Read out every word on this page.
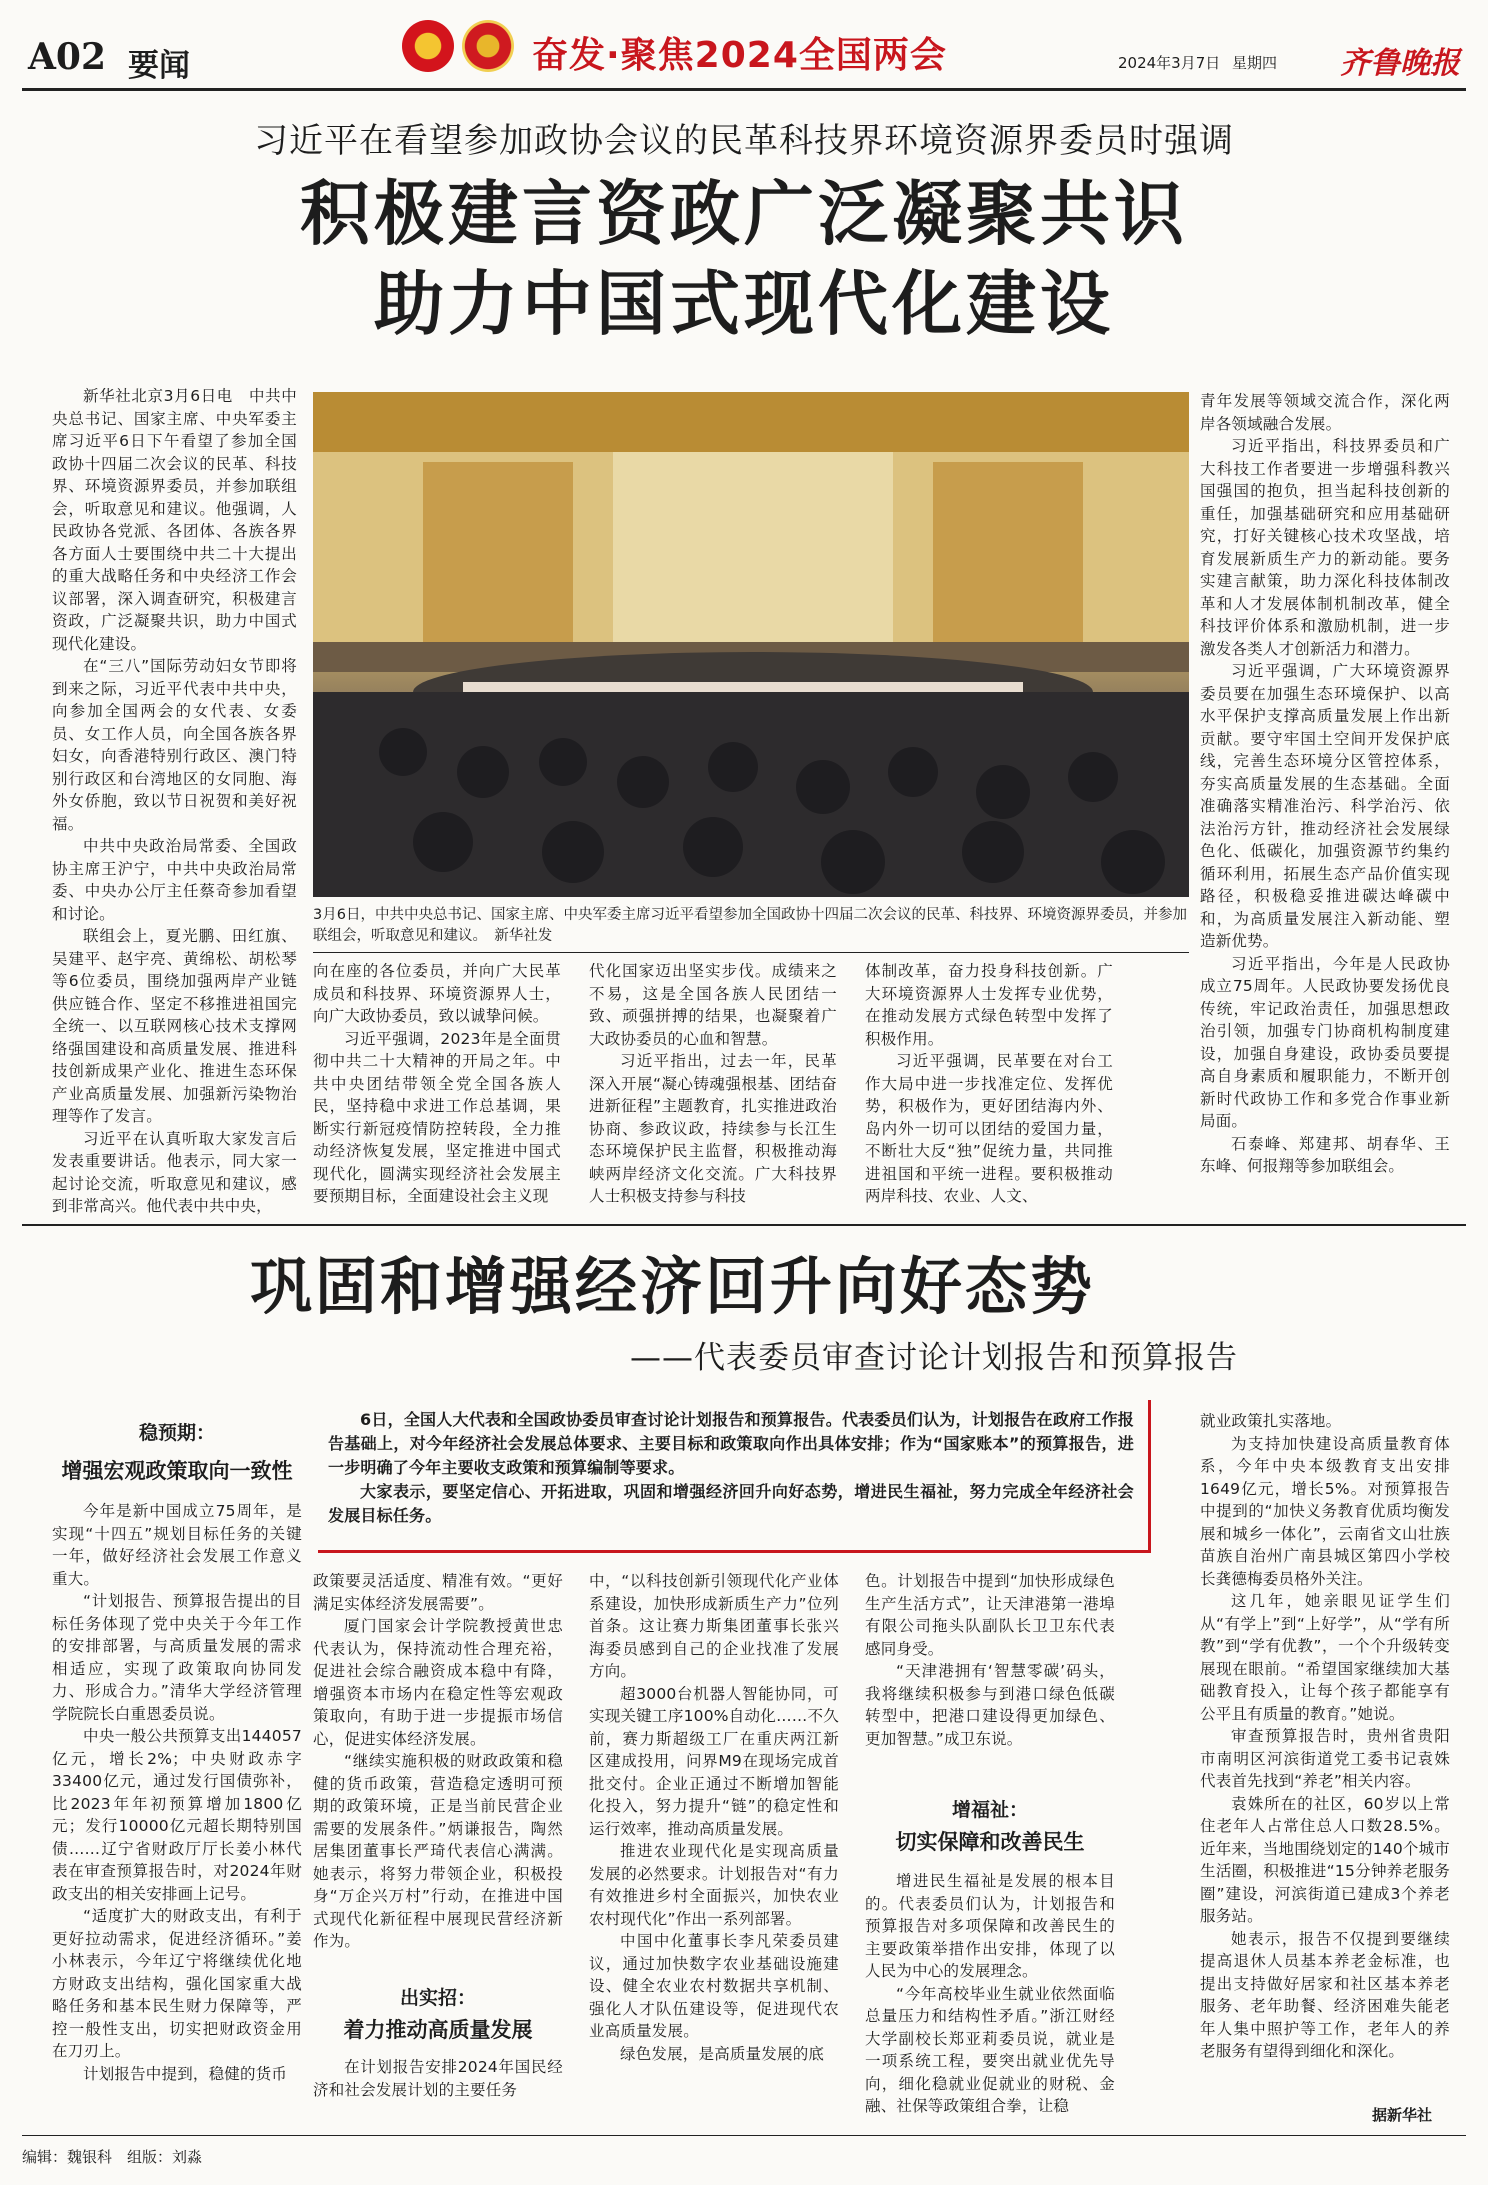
A02 要闻	奋发·聚焦2024全国两会	2024年3月7日 星期四 齐鲁晚报
习近平在看望参加政协会议的民革科技界环境资源界委员时强调
积极建言资政广泛凝聚共识
助力中国式现代化建设

新华社北京3月6日电　中共中央总书记、国家主席、中央军委主席习近平6日下午看望了参加全国政协十四届二次会议的民革、科技界、环境资源界委员，并参加联组会，听取意见和建议。他强调，人民政协各党派、各团体、各族各界各方面人士要围绕中共二十大提出的重大战略任务和中央经济工作会议部署，深入调查研究，积极建言资政，广泛凝聚共识，助力中国式现代化建设。

在“三八”国际劳动妇女节即将到来之际，习近平代表中共中央，向参加全国两会的女代表、女委员、女工作人员，向全国各族各界妇女，向香港特别行政区、澳门特别行政区和台湾地区的女同胞、海外女侨胞，致以节日祝贺和美好祝福。

中共中央政治局常委、全国政协主席王沪宁，中共中央政治局常委、中央办公厅主任蔡奇参加看望和讨论。

联组会上，夏光鹏、田红旗、吴建平、赵宇亮、黄绵松、胡松琴等6位委员，围绕加强两岸产业链供应链合作、坚定不移推进祖国完全统一、以互联网核心技术支撑网络强国建设和高质量发展、推进科技创新成果产业化、推进生态环保产业高质量发展、加强新污染物治理等作了发言。

习近平在认真听取大家发言后发表重要讲话。他表示，同大家一起讨论交流，听取意见和建议，感到非常高兴。他代表中共中央，

3月6日，中共中央总书记、国家主席、中央军委主席习近平看望参加全国政协十四届二次会议的民革、科技界、环境资源界委员，并参加联组会，听取意见和建议。　新华社发

向在座的各位委员，并向广大民革成员和科技界、环境资源界人士，向广大政协委员，致以诚挚问候。

习近平强调，2023年是全面贯彻中共二十大精神的开局之年。中共中央团结带领全党全国各族人民，坚持稳中求进工作总基调，果断实行新冠疫情防控转段，全力推动经济恢复发展，坚定推进中国式现代化，圆满实现经济社会发展主要预期目标，全面建设社会主义现

代化国家迈出坚实步伐。成绩来之不易，这是全国各族人民团结一致、顽强拼搏的结果，也凝聚着广大政协委员的心血和智慧。

习近平指出，过去一年，民革深入开展“凝心铸魂强根基、团结奋进新征程”主题教育，扎实推进政治协商、参政议政，持续参与长江生态环境保护民主监督，积极推动海峡两岸经济文化交流。广大科技界人士积极支持参与科技

体制改革，奋力投身科技创新。广大环境资源界人士发挥专业优势，在推动发展方式绿色转型中发挥了积极作用。

习近平强调，民革要在对台工作大局中进一步找准定位、发挥优势，积极作为，更好团结海内外、岛内外一切可以团结的爱国力量，不断壮大反“独”促统力量，共同推进祖国和平统一进程。要积极推动两岸科技、农业、人文、

青年发展等领域交流合作，深化两岸各领域融合发展。

习近平指出，科技界委员和广大科技工作者要进一步增强科教兴国强国的抱负，担当起科技创新的重任，加强基础研究和应用基础研究，打好关键核心技术攻坚战，培育发展新质生产力的新动能。要务实建言献策，助力深化科技体制改革和人才发展体制机制改革，健全科技评价体系和激励机制，进一步激发各类人才创新活力和潜力。

习近平强调，广大环境资源界委员要在加强生态环境保护、以高水平保护支撑高质量发展上作出新贡献。要守牢国土空间开发保护底线，完善生态环境分区管控体系，夯实高质量发展的生态基础。全面准确落实精准治污、科学治污、依法治污方针，推动经济社会发展绿色化、低碳化，加强资源节约集约循环利用，拓展生态产品价值实现路径，积极稳妥推进碳达峰碳中和，为高质量发展注入新动能、塑造新优势。

习近平指出，今年是人民政协成立75周年。人民政协要发扬优良传统，牢记政治责任，加强思想政治引领，加强专门协商机构制度建设，加强自身建设，政协委员要提高自身素质和履职能力，不断开创新时代政协工作和多党合作事业新局面。

石泰峰、郑建邦、胡春华、王东峰、何报翔等参加联组会。

巩固和增强经济回升向好态势
——代表委员审查讨论计划报告和预算报告

6日，全国人大代表和全国政协委员审查讨论计划报告和预算报告。代表委员们认为，计划报告在政府工作报告基础上，对今年经济社会发展总体要求、主要目标和政策取向作出具体安排；作为“国家账本”的预算报告，进一步明确了今年主要收支政策和预算编制等要求。

大家表示，要坚定信心、开拓进取，巩固和增强经济回升向好态势，增进民生福祉，努力完成全年经济社会发展目标任务。

稳预期：
增强宏观政策取向一致性

今年是新中国成立75周年，是实现“十四五”规划目标任务的关键一年，做好经济社会发展工作意义重大。

“计划报告、预算报告提出的目标任务体现了党中央关于今年工作的安排部署，与高质量发展的需求相适应，实现了政策取向协同发力、形成合力。”清华大学经济管理学院院长白重恩委员说。

中央一般公共预算支出144057亿元，增长2%；中央财政赤字33400亿元，通过发行国债弥补，比2023年年初预算增加1800亿元；发行10000亿元超长期特别国债……辽宁省财政厅厅长姜小林代表在审查预算报告时，对2024年财政支出的相关安排画上记号。

“适度扩大的财政支出，有利于更好拉动需求，促进经济循环。”姜小林表示，今年辽宁将继续优化地方财政支出结构，强化国家重大战略任务和基本民生财力保障等，严控一般性支出，切实把财政资金用在刀刃上。

计划报告中提到，稳健的货币

政策要灵活适度、精准有效。“更好满足实体经济发展需要”。

厦门国家会计学院教授黄世忠代表认为，保持流动性合理充裕，促进社会综合融资成本稳中有降，增强资本市场内在稳定性等宏观政策取向，有助于进一步提振市场信心，促进实体经济发展。

“继续实施积极的财政政策和稳健的货币政策，营造稳定透明可预期的政策环境，正是当前民营企业需要的发展条件。”炳谦报告，陶然居集团董事长严琦代表信心满满。她表示，将努力带领企业，积极投身“万企兴万村”行动，在推进中国式现代化新征程中展现民营经济新作为。

出实招：
着力推动高质量发展

在计划报告安排2024年国民经济和社会发展计划的主要任务

中，“以科技创新引领现代化产业体系建设，加快形成新质生产力”位列首条。这让赛力斯集团董事长张兴海委员感到自己的企业找准了发展方向。

超3000台机器人智能协同，可实现关键工序100%自动化……不久前，赛力斯超级工厂在重庆两江新区建成投用，问界M9在现场完成首批交付。企业正通过不断增加智能化投入，努力提升“链”的稳定性和运行效率，推动高质量发展。

推进农业现代化是实现高质量发展的必然要求。计划报告对“有力有效推进乡村全面振兴，加快农业农村现代化”作出一系列部署。

中国中化董事长李凡荣委员建议，通过加快数字农业基础设施建设、健全农业农村数据共享机制、强化人才队伍建设等，促进现代农业高质量发展。

绿色发展，是高质量发展的底

色。计划报告中提到“加快形成绿色生产生活方式”，让天津港第一港埠有限公司拖头队副队长卫卫东代表感同身受。

“天津港拥有‘智慧零碳’码头，我将继续积极参与到港口绿色低碳转型中，把港口建设得更加绿色、更加智慧。”成卫东说。

增福祉：
切实保障和改善民生

增进民生福祉是发展的根本目的。代表委员们认为，计划报告和预算报告对多项保障和改善民生的主要政策举措作出安排，体现了以人民为中心的发展理念。

“今年高校毕业生就业依然面临总量压力和结构性矛盾。”浙江财经大学副校长郑亚莉委员说，就业是一项系统工程，要突出就业优先导向，细化稳就业促就业的财税、金融、社保等政策组合拳，让稳

就业政策扎实落地。

为支持加快建设高质量教育体系，今年中央本级教育支出安排1649亿元，增长5%。对预算报告中提到的“加快义务教育优质均衡发展和城乡一体化”，云南省文山壮族苗族自治州广南县城区第四小学校长龚德梅委员格外关注。

这几年，她亲眼见证学生们从“有学上”到“上好学”，从“学有所教”到“学有优教”，一个个升级转变展现在眼前。“希望国家继续加大基础教育投入，让每个孩子都能享有公平且有质量的教育。”她说。

审查预算报告时，贵州省贵阳市南明区河滨街道党工委书记袁姝代表首先找到“养老”相关内容。

袁姝所在的社区，60岁以上常住老年人占常住总人口数28.5%。近年来，当地围绕划定的140个城市生活圈，积极推进“15分钟养老服务圈”建设，河滨街道已建成3个养老服务站。

她表示，报告不仅提到要继续提高退休人员基本养老金标准，也提出支持做好居家和社区基本养老服务、老年助餐、经济困难失能老年人集中照护等工作，老年人的养老服务有望得到细化和深化。

据新华社
编辑：魏银科　组版：刘淼
